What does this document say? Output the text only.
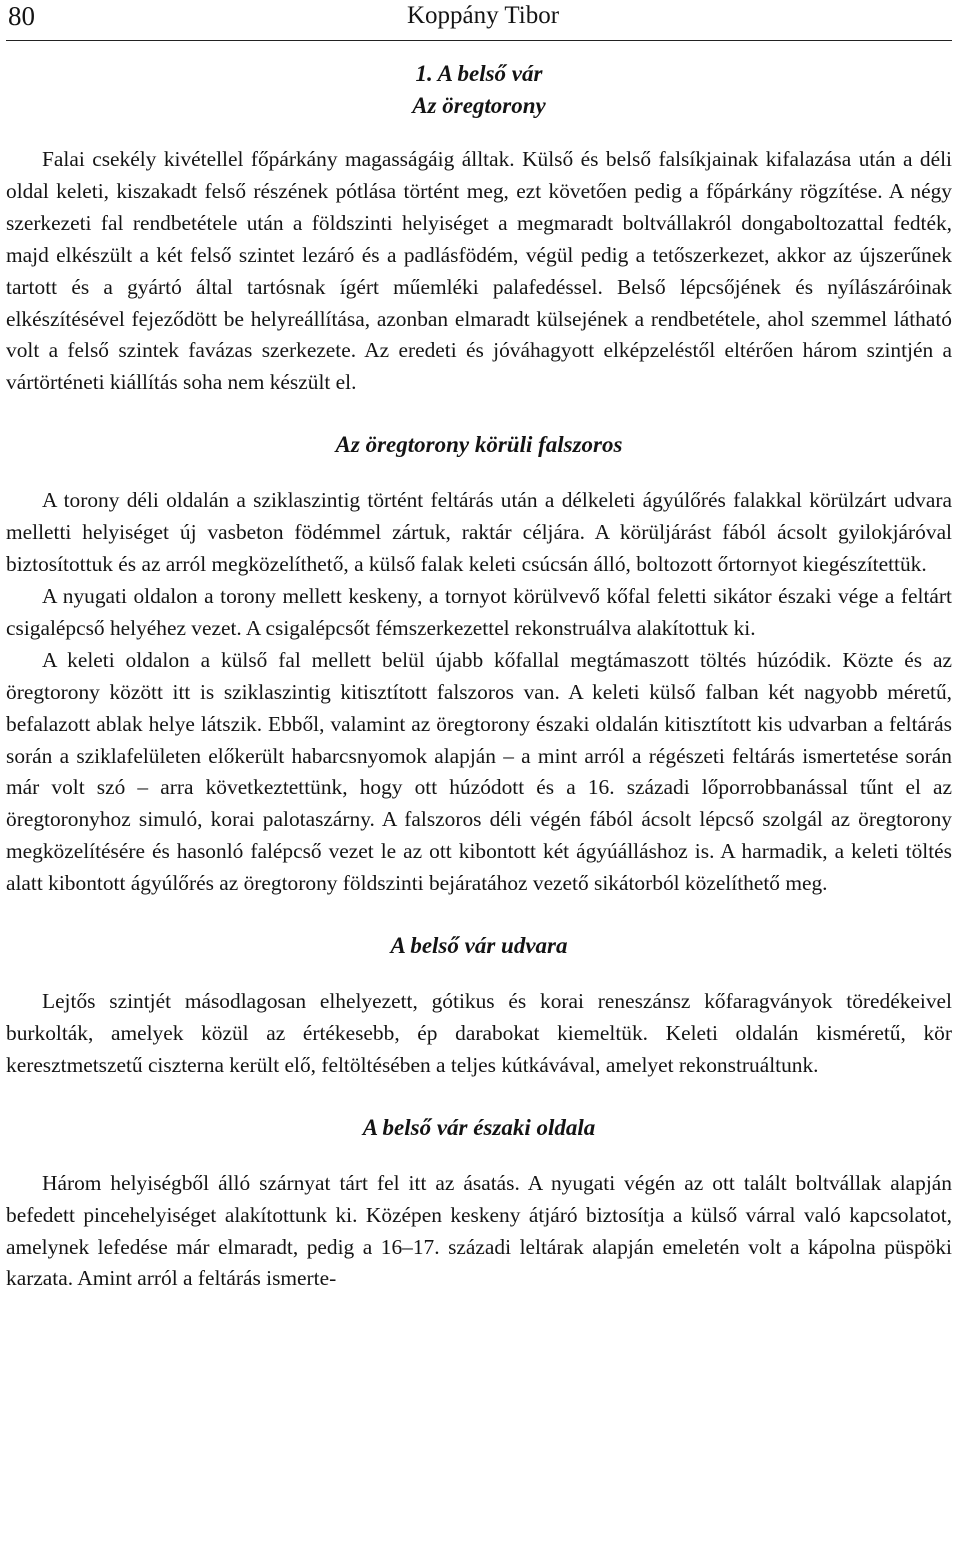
80	Koppány Tibor
1. A belső vár
Az öregtorony

Falai csekély kivétellel főpárkány magasságáig álltak. Külső és belső falsíkjainak kifalazása után a déli oldal keleti, kiszakadt felső részének pótlása történt meg, ezt követően pedig a főpárkány rögzítése. A négy szerkezeti fal rendbetétele után a földszinti helyiséget a megmaradt boltvállakról dongaboltozattal fedték, majd elkészült a két felső szintet lezáró és a padlásfödém, végül pedig a tetőszerkezet, akkor az újszerűnek tartott és a gyártó által tartósnak ígért műemléki palafedéssel. Belső lépcsőjének és nyílászáróinak elkészítésével fejeződött be helyreállítása, azonban elmaradt külsejének a rendbetétele, ahol szemmel látható volt a felső szintek favázas szerkezete. Az eredeti és jóváhagyott elképzeléstől eltérően három szintjén a vártörténeti kiállítás soha nem készült el.

Az öregtorony körüli falszoros

A torony déli oldalán a sziklaszintig történt feltárás után a délkeleti ágyúlőrés falakkal körülzárt udvara melletti helyiséget új vasbeton födémmel zártuk, raktár céljára. A körüljárást fából ácsolt gyilokjáróval biztosítottuk és az arról megközelíthető, a külső falak keleti csúcsán álló, boltozott őrtornyot kiegészítettük.

A nyugati oldalon a torony mellett keskeny, a tornyot körülvevő kőfal feletti sikátor északi vége a feltárt csigalépcső helyéhez vezet. A csigalépcsőt fémszerkezettel rekonstruálva alakítottuk ki.

A keleti oldalon a külső fal mellett belül újabb kőfallal megtámaszott töltés húzódik. Közte és az öregtorony között itt is sziklaszintig kitisztított falszoros van. A keleti külső falban két nagyobb méretű, befalazott ablak helye látszik. Ebből, valamint az öregtorony északi oldalán kitisztított kis udvarban a feltárás során a sziklafelületen előkerült habarcsnyomok alapján – a mint arról a régészeti feltárás ismertetése során már volt szó – arra következtettünk, hogy ott húzódott és a 16. századi lőporrobbanással tűnt el az öregtoronyhoz simuló, korai palotaszárny. A falszoros déli végén fából ácsolt lépcső szolgál az öregtorony megközelítésére és hasonló falépcső vezet le az ott kibontott két ágyúálláshoz is. A harmadik, a keleti töltés alatt kibontott ágyúlőrés az öregtorony földszinti bejáratához vezető sikátorból közelíthető meg.

A belső vár udvara

Lejtős szintjét másodlagosan elhelyezett, gótikus és korai reneszánsz kőfaragványok töredékeivel burkolták, amelyek közül az értékesebb, ép darabokat kiemeltük. Keleti oldalán kisméretű, kör keresztmetszetű ciszterna került elő, feltöltésében a teljes kútkávával, amelyet rekonstruáltunk.

A belső vár északi oldala

Három helyiségből álló szárnyat tárt fel itt az ásatás. A nyugati végén az ott talált boltvállak alapján befedett pincehelyiséget alakítottunk ki. Középen keskeny átjáró biztosítja a külső várral való kapcsolatot, amelynek lefedése már elmaradt, pedig a 16–17. századi leltárak alapján emeletén volt a kápolna püspöki karzata. Amint arról a feltárás ismerte-
